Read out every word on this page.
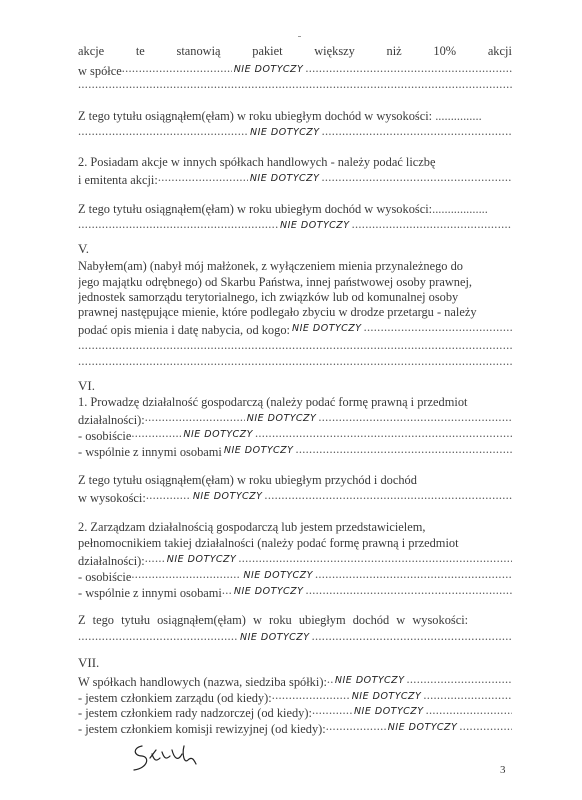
akcje	te	stanowią	pakiet	większy	niż	10%	akcji
w spółce .....	NIE DOTYCZY
.....
.....
Z tego tytułu osiągnąłem(ęłam) w roku ubiegłym dochód w wysokości: ...............
.....
NIE DOTYCZY
.....
2. Posiadam akcje w innych spółkach handlowych - należy podać liczbę
i emitenta akcji: .....	NIE DOTYCZY
.....
Z tego tytułu osiągnąłem(ęłam) w roku ubiegłym dochód w wysokości:..................
.....
NIE DOTYCZY
.....
V.
Nabyłem(am) (nabył mój małżonek, z wyłączeniem mienia przynależnego do
jego majątku odrębnego) od Skarbu Państwa, innej państwowej osoby prawnej,
jednostek samorządu terytorialnego, ich związków lub od komunalnej osoby
prawnej następujące mienie, które podlegało zbyciu w drodze przetargu - należy
podać opis mienia i datę nabycia, od kogo: NIE DOTYCZY
.....
.....
.....
VI.
1. Prowadzę działalność gospodarczą (należy podać formę prawną i przedmiot
działalności): .....	NIE DOTYCZY
.....
- osobiście .....	NIE DOTYCZY
.....
- wspólnie z innymi osobami NIE DOTYCZY
.....
Z tego tytułu osiągnąłem(ęłam) w roku ubiegłym przychód i dochód
w wysokości: .....	NIE DOTYCZY
.....
2. Zarządzam działalnością gospodarczą lub jestem przedstawicielem,
pełnomocnikiem takiej działalności (należy podać formę prawną i przedmiot
działalności): ..... NIE DOTYCZY
.....
- osobiście .....	NIE DOTYCZY
.....
- wspólnie z innymi osobami ..... NIE DOTYCZY
.....
Z tego tytułu osiągnąłem(ęłam) w roku ubiegłym dochód w wysokości:
.....
NIE DOTYCZY
.....
VII.
W spółkach handlowych (nazwa, siedziba spółki): ..... NIE DOTYCZY
.....
- jestem członkiem zarządu (od kiedy): .....	NIE DOTYCZY
.....
- jestem członkiem rady nadzorczej (od kiedy): .....	NIE DOTYCZY
.....
- jestem członkiem komisji rewizyjnej (od kiedy): .....	NIE DOTYCZY
.....
3
